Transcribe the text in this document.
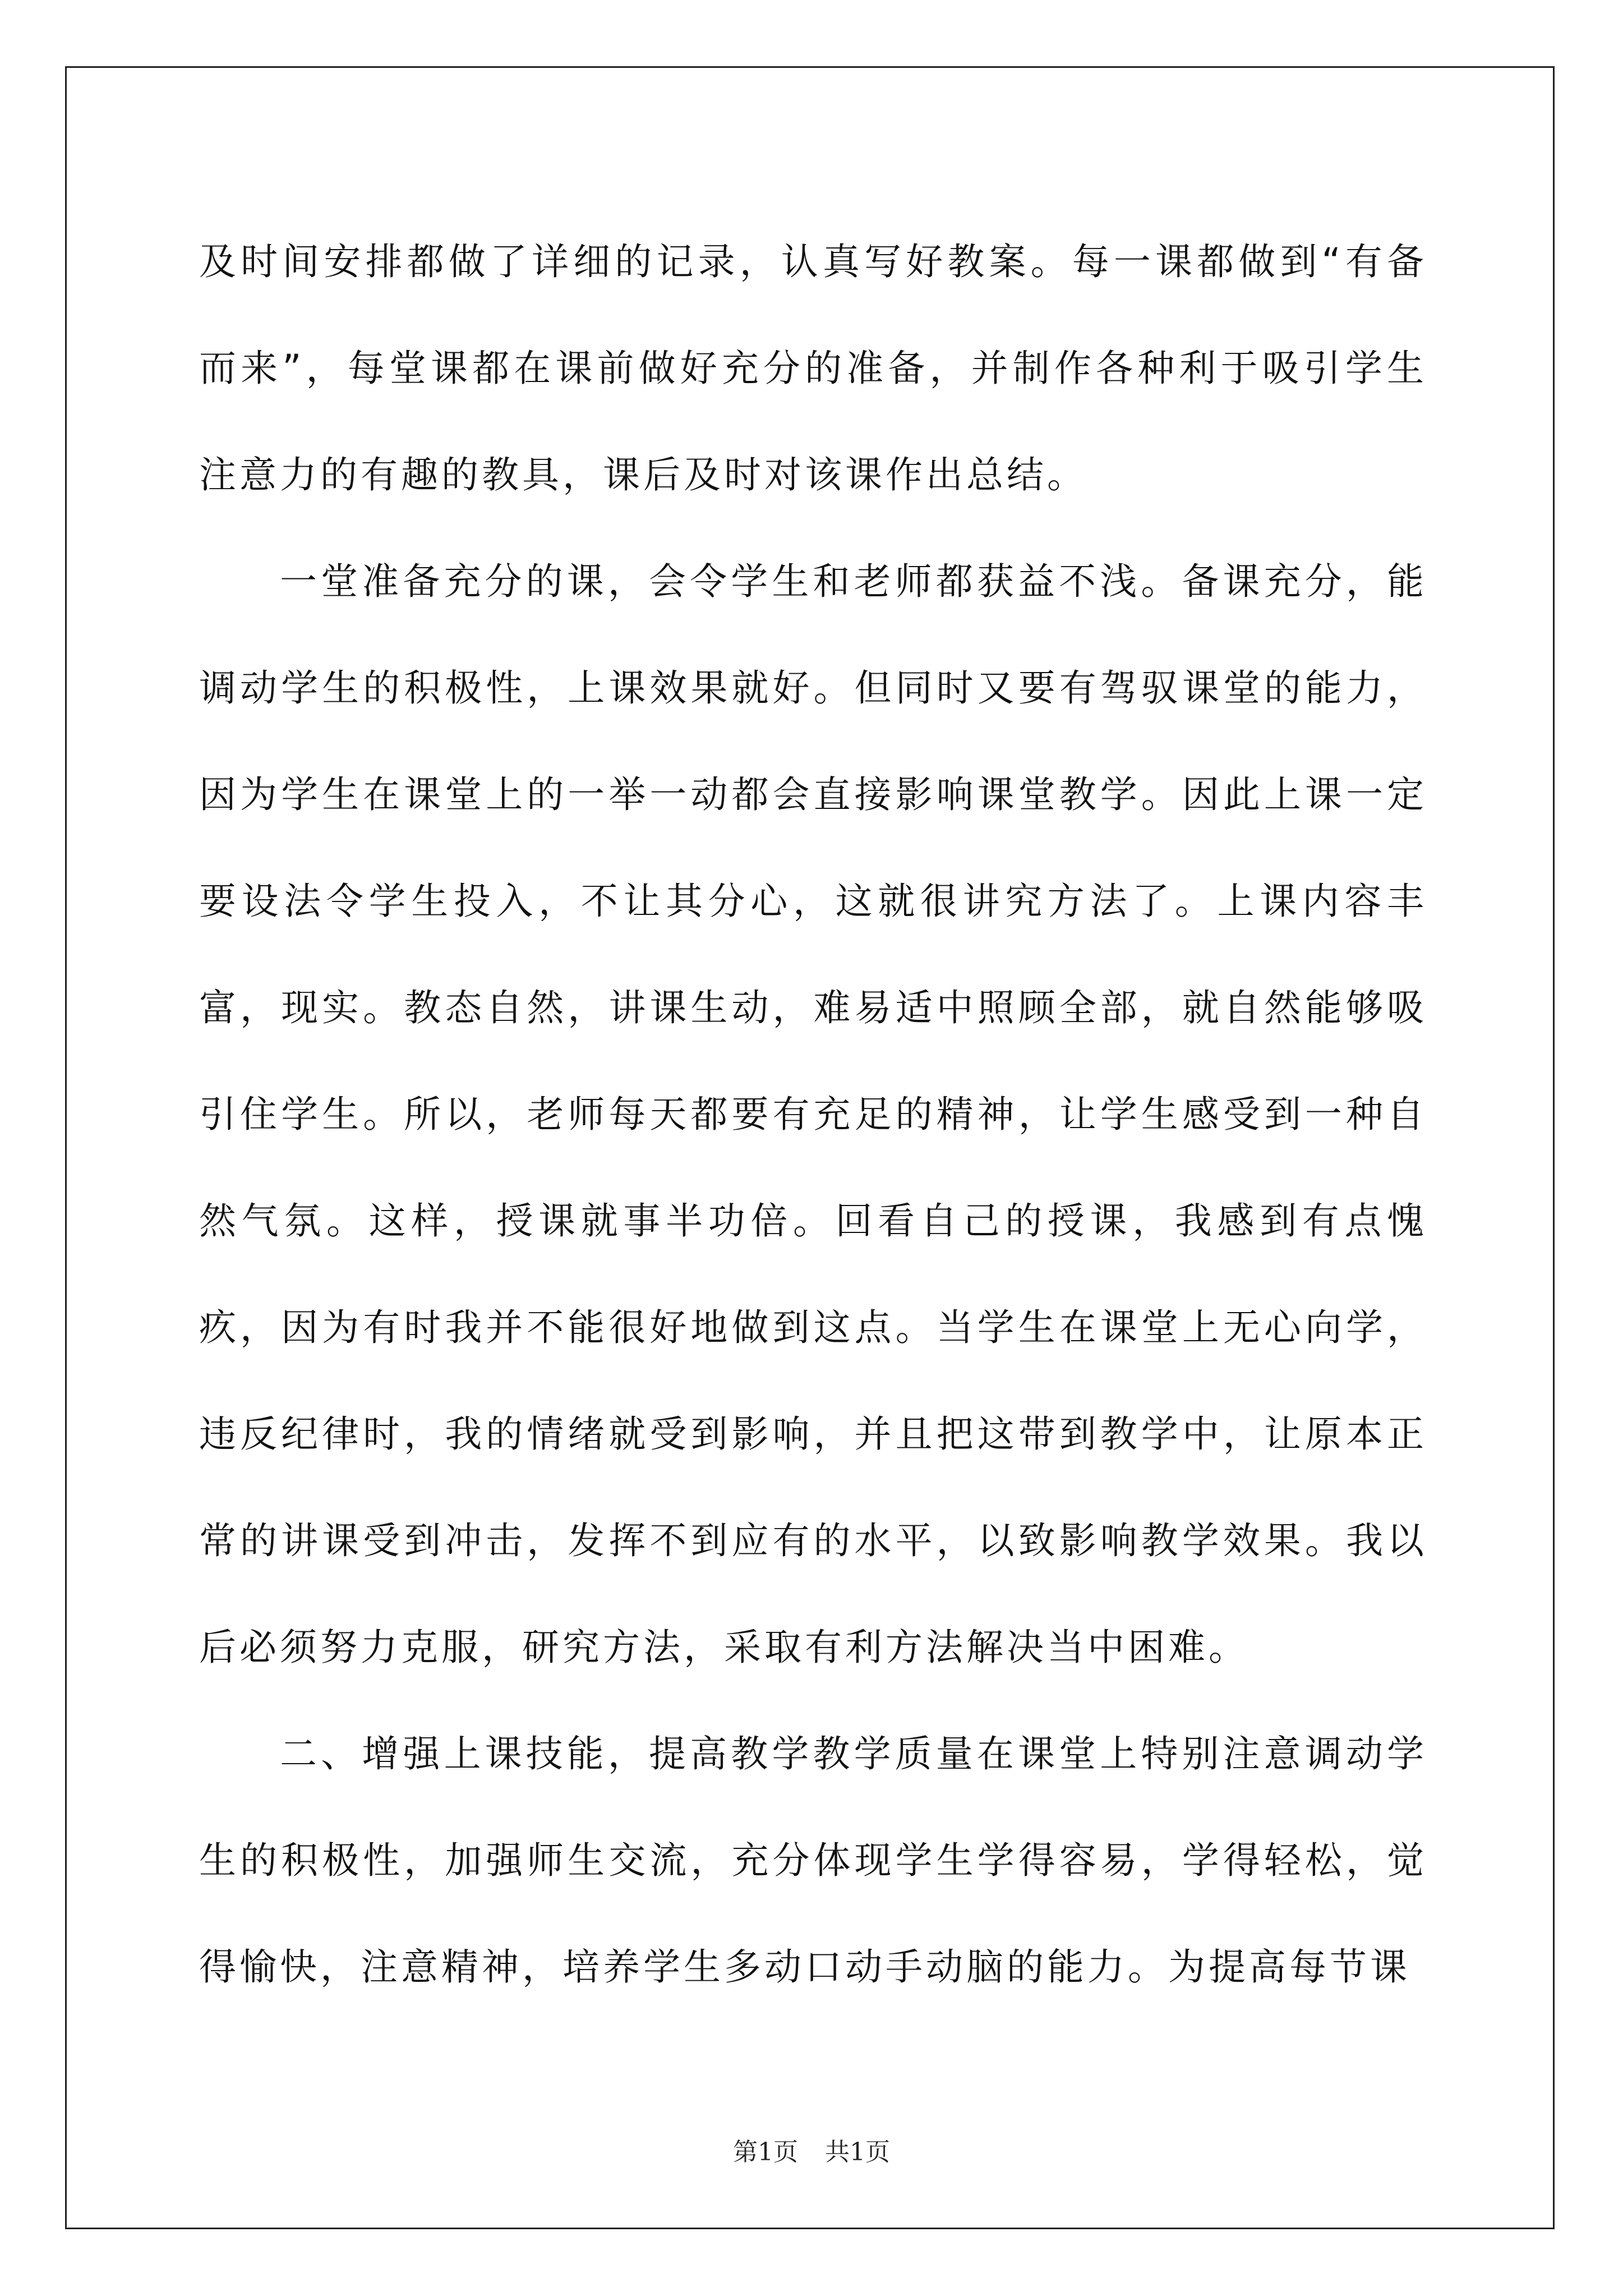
及时间安排都做了详细的记录，认真写好教案。每一课都做到“有备而来”，每堂课都在课前做好充分的准备，并制作各种利于吸引学生注意力的有趣的教具，课后及时对该课作出总结。

一堂准备充分的课，会令学生和老师都获益不浅。备课充分，能调动学生的积极性，上课效果就好。但同时又要有驾驭课堂的能力，因为学生在课堂上的一举一动都会直接影响课堂教学。因此上课一定要设法令学生投入，不让其分心，这就很讲究方法了。上课内容丰富，现实。教态自然，讲课生动，难易适中照顾全部，就自然能够吸引住学生。所以，老师每天都要有充足的精神，让学生感受到一种自然气氛。这样，授课就事半功倍。回看自己的授课，我感到有点愧疚，因为有时我并不能很好地做到这点。当学生在课堂上无心向学，违反纪律时，我的情绪就受到影响，并且把这带到教学中，让原本正常的讲课受到冲击，发挥不到应有的水平，以致影响教学效果。我以后必须努力克服，研究方法，采取有利方法解决当中困难。

二、增强上课技能，提高教学教学质量在课堂上特别注意调动学生的积极性，加强师生交流，充分体现学生学得容易，学得轻松，觉得愉快，注意精神，培养学生多动口动手动脑的能力。为提高每节课

第1页 共1页
